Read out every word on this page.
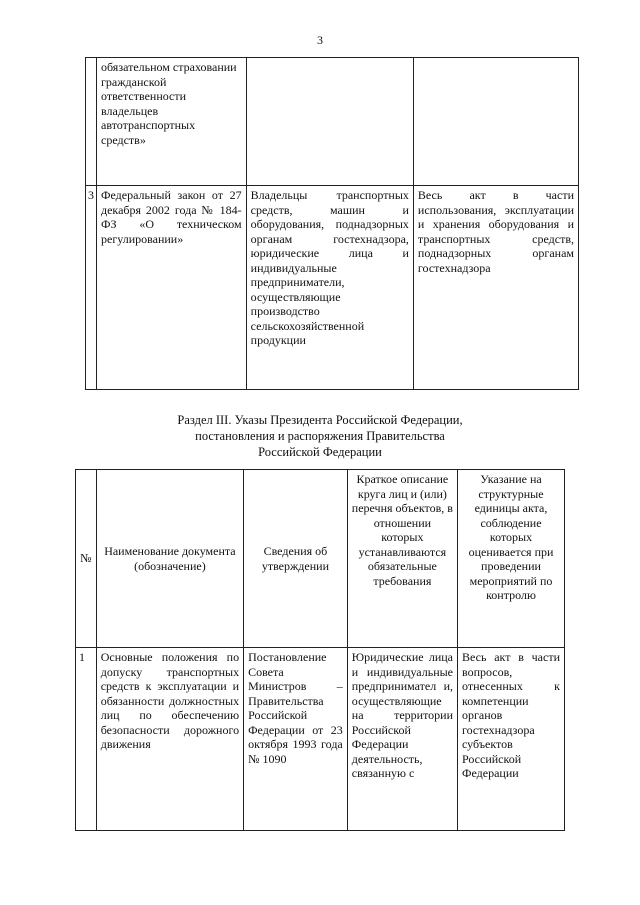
3
	обязательном страховании гражданской ответственности владельцев автотранспортных средств»		
3	Федеральный закон от 27 декабря 2002 года № 184-ФЗ «О техническом регулировании»	Владельцы транспортных средств, машин и оборудования, поднадзорных органам гостехнадзора, юридические лица и индивидуальные предприниматели, осуществляющие производство сельскохозяйственной продукции	Весь акт в части использования, эксплуатации и хранения оборудования и транспортных средств, поднадзорных органам гостехнадзора
Раздел III. Указы Президента Российской Федерации,
постановления и распоряжения Правительства
Российской Федерации
№	Наименование документа (обозначение)	Сведения об утверждении	Краткое описание круга лиц и (или) перечня объектов, в отношении которых устанавливаются обязательные требования	Указание на структурные единицы акта, соблюдение которых оценивается при проведении мероприятий по контролю
1	Основные положения по допуску транспортных средств к эксплуатации и обязанности должностных лиц по обеспечению безопасности дорожного движения	Постановление Совета Министров – Правительства Российской Федерации от 23 октября 1993 года № 1090	Юридические лица и индивидуальные предпринимател и, осуществляющие на территории Российской Федерации деятельность, связанную с	Весь акт в части вопросов, отнесенных к компетенции органов гостехнадзора субъектов Российской Федерации
